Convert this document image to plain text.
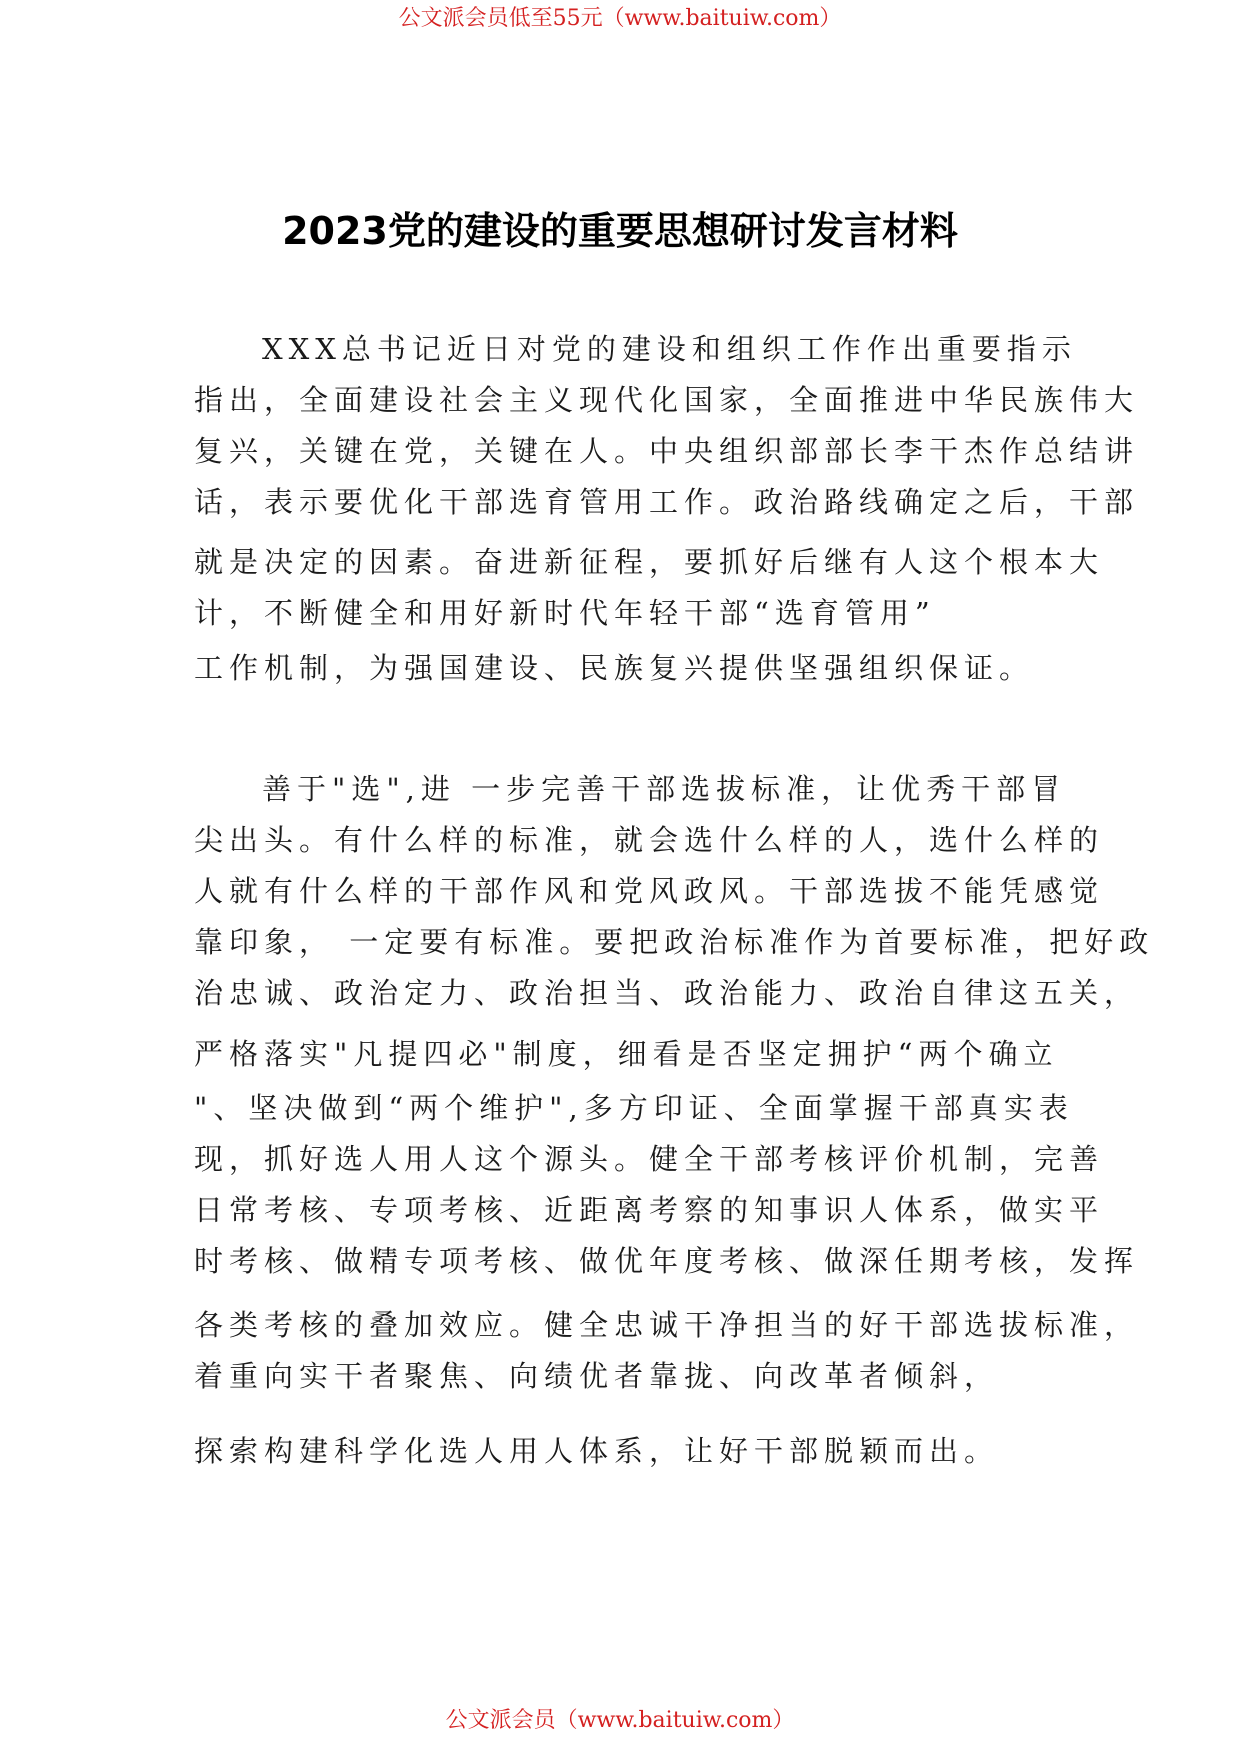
公文派会员低至55元（www.baituiw.com）
2023党的建设的重要思想研讨发言材料
XXX总书记近日对党的建设和组织工作作出重要指示
指出，全面建设社会主义现代化国家，全面推进中华民族伟大
复兴，关键在党，关键在人。中央组织部部长李干杰作总结讲
话，表示要优化干部选育管用工作。政治路线确定之后，干部
就是决定的因素。奋进新征程，要抓好后继有人这个根本大
计，不断健全和用好新时代年轻干部“选育管用”
工作机制，为强国建设、民族复兴提供坚强组织保证。
善于"选",进 一步完善干部选拔标准，让优秀干部冒
尖出头。有什么样的标准，就会选什么样的人，选什么样的
人就有什么样的干部作风和党风政风。干部选拔不能凭感觉
靠印象， 一定要有标准。要把政治标准作为首要标准，把好政
治忠诚、政治定力、政治担当、政治能力、政治自律这五关，
严格落实"凡提四必"制度，细看是否坚定拥护“两个确立
"、坚决做到“两个维护",多方印证、全面掌握干部真实表
现，抓好选人用人这个源头。健全干部考核评价机制，完善
日常考核、专项考核、近距离考察的知事识人体系，做实平
时考核、做精专项考核、做优年度考核、做深任期考核，发挥
各类考核的叠加效应。健全忠诚干净担当的好干部选拔标准，
着重向实干者聚焦、向绩优者靠拢、向改革者倾斜，
探索构建科学化选人用人体系，让好干部脱颖而出。
公文派会员（www.baituiw.com）
